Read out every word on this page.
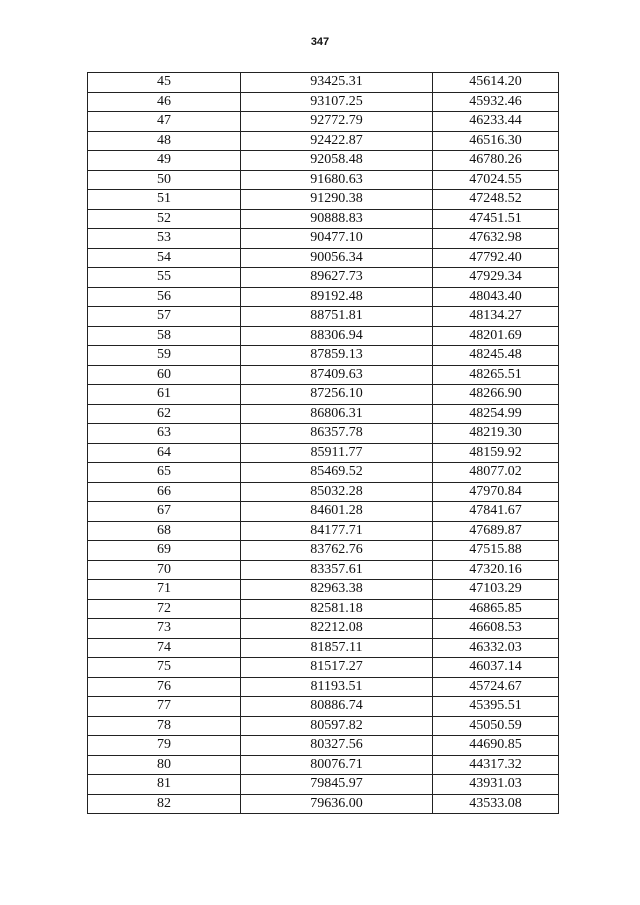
347
45	93425.31	45614.20
46	93107.25	45932.46
47	92772.79	46233.44
48	92422.87	46516.30
49	92058.48	46780.26
50	91680.63	47024.55
51	91290.38	47248.52
52	90888.83	47451.51
53	90477.10	47632.98
54	90056.34	47792.40
55	89627.73	47929.34
56	89192.48	48043.40
57	88751.81	48134.27
58	88306.94	48201.69
59	87859.13	48245.48
60	87409.63	48265.51
61	87256.10	48266.90
62	86806.31	48254.99
63	86357.78	48219.30
64	85911.77	48159.92
65	85469.52	48077.02
66	85032.28	47970.84
67	84601.28	47841.67
68	84177.71	47689.87
69	83762.76	47515.88
70	83357.61	47320.16
71	82963.38	47103.29
72	82581.18	46865.85
73	82212.08	46608.53
74	81857.11	46332.03
75	81517.27	46037.14
76	81193.51	45724.67
77	80886.74	45395.51
78	80597.82	45050.59
79	80327.56	44690.85
80	80076.71	44317.32
81	79845.97	43931.03
82	79636.00	43533.08
